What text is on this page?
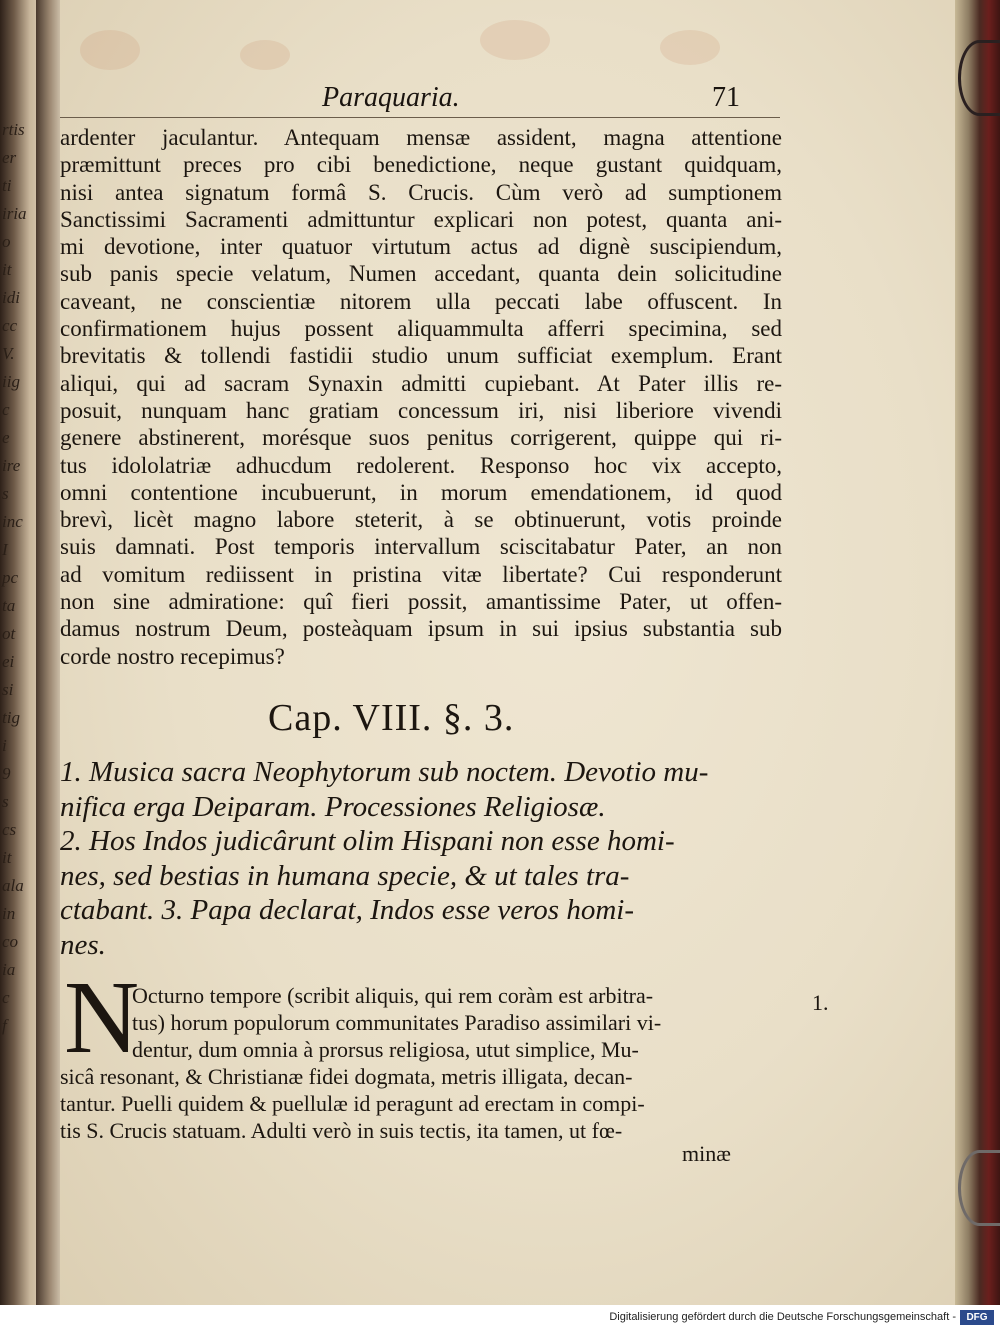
rtis
er
ti
iria
o
it
idi
cc
V.
iig
c
e
ire
s
inc
I
pc
ta
ot
ei
si
tig
i
9
s
cs
it
ala
in
co
ia
c
f
Paraquaria.	71
ardenter jaculantur. Antequam mensæ assident, magna attentione
præmittunt preces pro cibi benedictione, neque gustant quidquam,
nisi antea signatum formâ S. Crucis. Cùm verò ad sumptionem
Sanctissimi Sacramenti admittuntur explicari non potest, quanta ani-
mi devotione, inter quatuor virtutum actus ad dignè suscipiendum,
sub panis specie velatum, Numen accedant, quanta dein solicitudine
caveant, ne conscientiæ nitorem ulla peccati labe offuscent. In
confirmationem hujus possent aliquammulta afferri specimina, sed
brevitatis & tollendi fastidii studio unum sufficiat exemplum. Erant
aliqui, qui ad sacram Synaxin admitti cupiebant. At Pater illis re-
posuit, nunquam hanc gratiam concessum iri, nisi liberiore vivendi
genere abstinerent, morésque suos penitus corrigerent, quippe qui ri-
tus idololatriæ adhucdum redolerent. Responso hoc vix accepto,
omni contentione incubuerunt, in morum emendationem, id quod
brevì, licèt magno labore steterit, à se obtinuerunt, votis proinde
suis damnati. Post temporis intervallum sciscitabatur Pater, an non
ad vomitum rediissent in pristina vitæ libertate? Cui responderunt
non sine admiratione: quî fieri possit, amantissime Pater, ut offen-
damus nostrum Deum, posteàquam ipsum in sui ipsius substantia sub
corde nostro recepimus?
Cap. VIII. §. 3.
1. Musica sacra Neophytorum sub noctem. Devotio mu-
nifica erga Deiparam. Processiones Religiosæ.
2. Hos Indos judicârunt olim Hispani non esse homi-
nes, sed bestias in humana specie, & ut tales tra-
ctabant. 3. Papa declarat, Indos esse veros homi-
nes.
N
Octurno tempore (scribit aliquis, qui rem coràm est arbitra-
tus) horum populorum communitates Paradiso assimilari vi-
dentur, dum omnia à prorsus religiosa, utut simplice, Mu-
sicâ resonant, & Christianæ fidei dogmata, metris illigata, decan-
tantur. Puelli quidem & puellulæ id peragunt ad erectam in compi-
tis S. Crucis statuam. Adulti verò in suis tectis, ita tamen, ut fœ-
1.
minæ
Digitalisierung gefördert durch die Deutsche Forschungsgemeinschaft -	DFG
